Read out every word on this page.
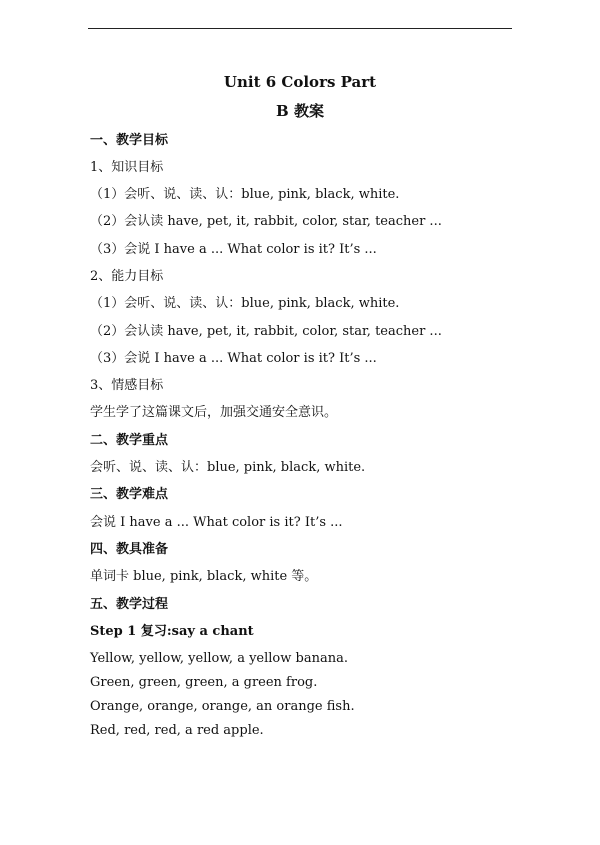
Unit 6 Colors Part
B 教案
一、教学目标
1、知识目标
（1）会听、说、读、认：blue, pink, black, white.
（2）会认读 have, pet, it, rabbit, color, star, teacher ...
（3）会说 I have a ... What color is it? It’s ...
2、能力目标
（1）会听、说、读、认：blue, pink, black, white.
（2）会认读 have, pet, it, rabbit, color, star, teacher ...
（3）会说 I have a ... What color is it? It’s ...
3、情感目标
学生学了这篇课文后，加强交通安全意识。
二、教学重点
会听、说、读、认：blue, pink, black, white.
三、教学难点
会说 I have a ... What color is it? It’s ...
四、教具准备
单词卡 blue, pink, black, white 等。
五、教学过程
Step 1 复习:say a chant
Yellow, yellow, yellow, a yellow banana.
Green, green, green, a green frog.
Orange, orange, orange, an orange fish.
Red, red, red, a red apple.
